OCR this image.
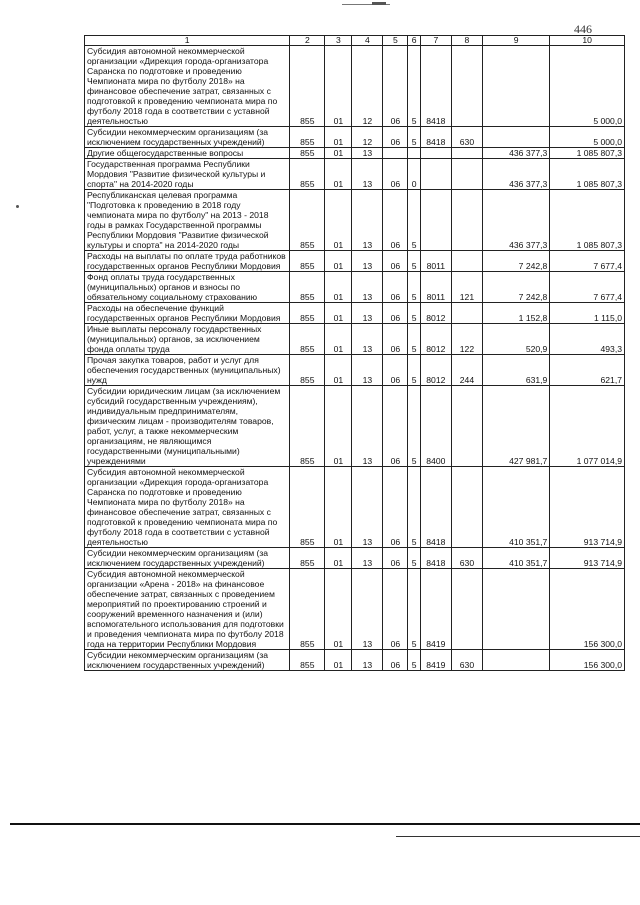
446
1	2	3	4	5	6	7	8	9	10
Субсидия автономной некоммерческой организации «Дирекция города-организатора Саранска по подготовке и проведению Чемпионата мира по футболу 2018» на финансовое обеспечение затрат, связанных с подготовкой к проведению чемпионата мира по футболу 2018 года в соответствии с уставной деятельностью	855	01	12	06	5	8418			5 000,0
Субсидии некоммерческим организациям (за исключением государственных учреждений)	855	01	12	06	5	8418	630		5 000,0
Другие общегосударственные вопросы	855	01	13					436 377,3	1 085 807,3
Государственная программа Республики Мордовия "Развитие физической культуры и спорта" на 2014-2020 годы	855	01	13	06	0			436 377,3	1 085 807,3
Республиканская целевая программа "Подготовка к проведению в 2018 году чемпионата мира по футболу" на 2013 - 2018 годы в рамках Государственной программы Республики Мордовия "Развитие физической культуры и спорта" на 2014-2020 годы	855	01	13	06	5			436 377,3	1 085 807,3
Расходы на выплаты по оплате труда работников государственных органов Республики Мордовия	855	01	13	06	5	8011		7 242,8	7 677,4
Фонд оплаты труда государственных (муниципальных) органов и взносы по обязательному социальному страхованию	855	01	13	06	5	8011	121	7 242,8	7 677,4
Расходы на обеспечение функций государственных органов Республики Мордовия	855	01	13	06	5	8012		1 152,8	1 115,0
Иные выплаты персоналу государственных (муниципальных) органов, за исключением фонда оплаты труда	855	01	13	06	5	8012	122	520,9	493,3
Прочая закупка товаров, работ и услуг для обеспечения государственных (муниципальных) нужд	855	01	13	06	5	8012	244	631,9	621,7
Субсидии юридическим лицам (за исключением субсидий государственным учреждениям), индивидуальным предпринимателям, физическим лицам - производителям товаров, работ, услуг, а также некоммерческим организациям, не являющимся государственными (муниципальными) учреждениями	855	01	13	06	5	8400		427 981,7	1 077 014,9
Субсидия автономной некоммерческой организации «Дирекция города-организатора Саранска по подготовке и проведению Чемпионата мира по футболу 2018» на финансовое обеспечение затрат, связанных с подготовкой к проведению чемпионата мира по футболу 2018 года в соответствии с уставной деятельностью	855	01	13	06	5	8418		410 351,7	913 714,9
Субсидии некоммерческим организациям (за исключением государственных учреждений)	855	01	13	06	5	8418	630	410 351,7	913 714,9
Субсидия автономной некоммерческой организации «Арена - 2018» на финансовое обеспечение затрат, связанных с проведением мероприятий по проектированию строений и сооружений временного назначения и (или) вспомогательного использования для подготовки и проведения чемпионата мира по футболу 2018 года на территории Республики Мордовия	855	01	13	06	5	8419			156 300,0
Субсидии некоммерческим организациям (за исключением государственных учреждений)	855	01	13	06	5	8419	630		156 300,0
